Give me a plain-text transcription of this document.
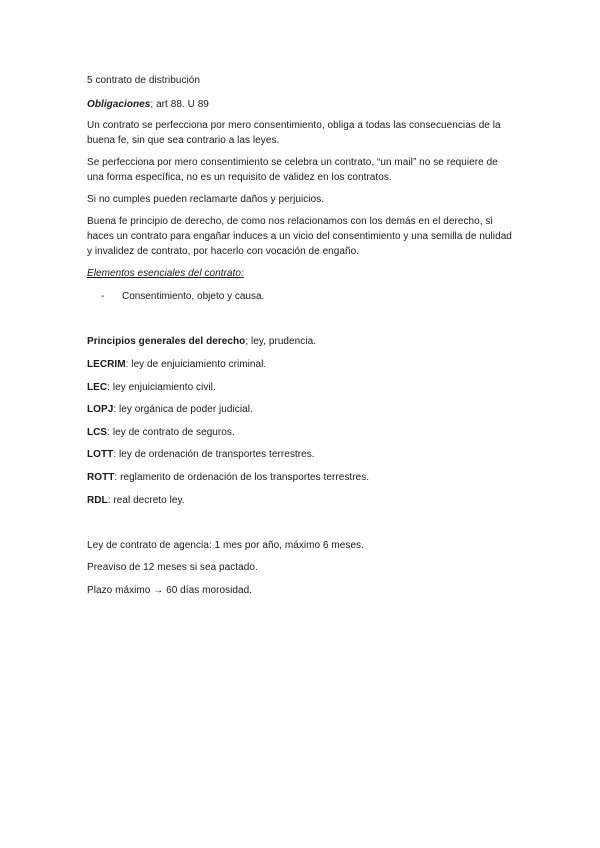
5 contrato de distribución

Obligaciones; art 88. U 89

Un contrato se perfecciona por mero consentimiento, obliga a todas las consecuencias de la buena fe, sin que sea contrario a las leyes.

Se perfecciona por mero consentimiento se celebra un contrato, “un mail” no se requiere de una forma específica, no es un requisito de validez en los contratos.

Si no cumples pueden reclamarte daños y perjuicios.

Buena fe principio de derecho, de como nos relacionamos con los demás en el derecho, si haces un contrato para engañar induces a un vicio del consentimiento y una semilla de nulidad y invalidez de contrato, por hacerlo con vocación de engaño.

Elementos esenciales del contrato:

- Consentimiento, objeto y causa.

Principios generales del derecho; ley, prudencia.

LECRIM: ley de enjuiciamiento criminal.

LEC: ley enjuiciamiento civil.

LOPJ: ley orgánica de poder judicial.

LCS: ley de contrato de seguros.

LOTT: ley de ordenación de transportes terrestres.

ROTT: reglamento de ordenación de los transportes terrestres.

RDL: real decreto ley.

Ley de contrato de agencia: 1 mes por año, máximo 6 meses.

Preaviso de 12 meses si sea pactado.

Plazo máximo → 60 días morosidad.
